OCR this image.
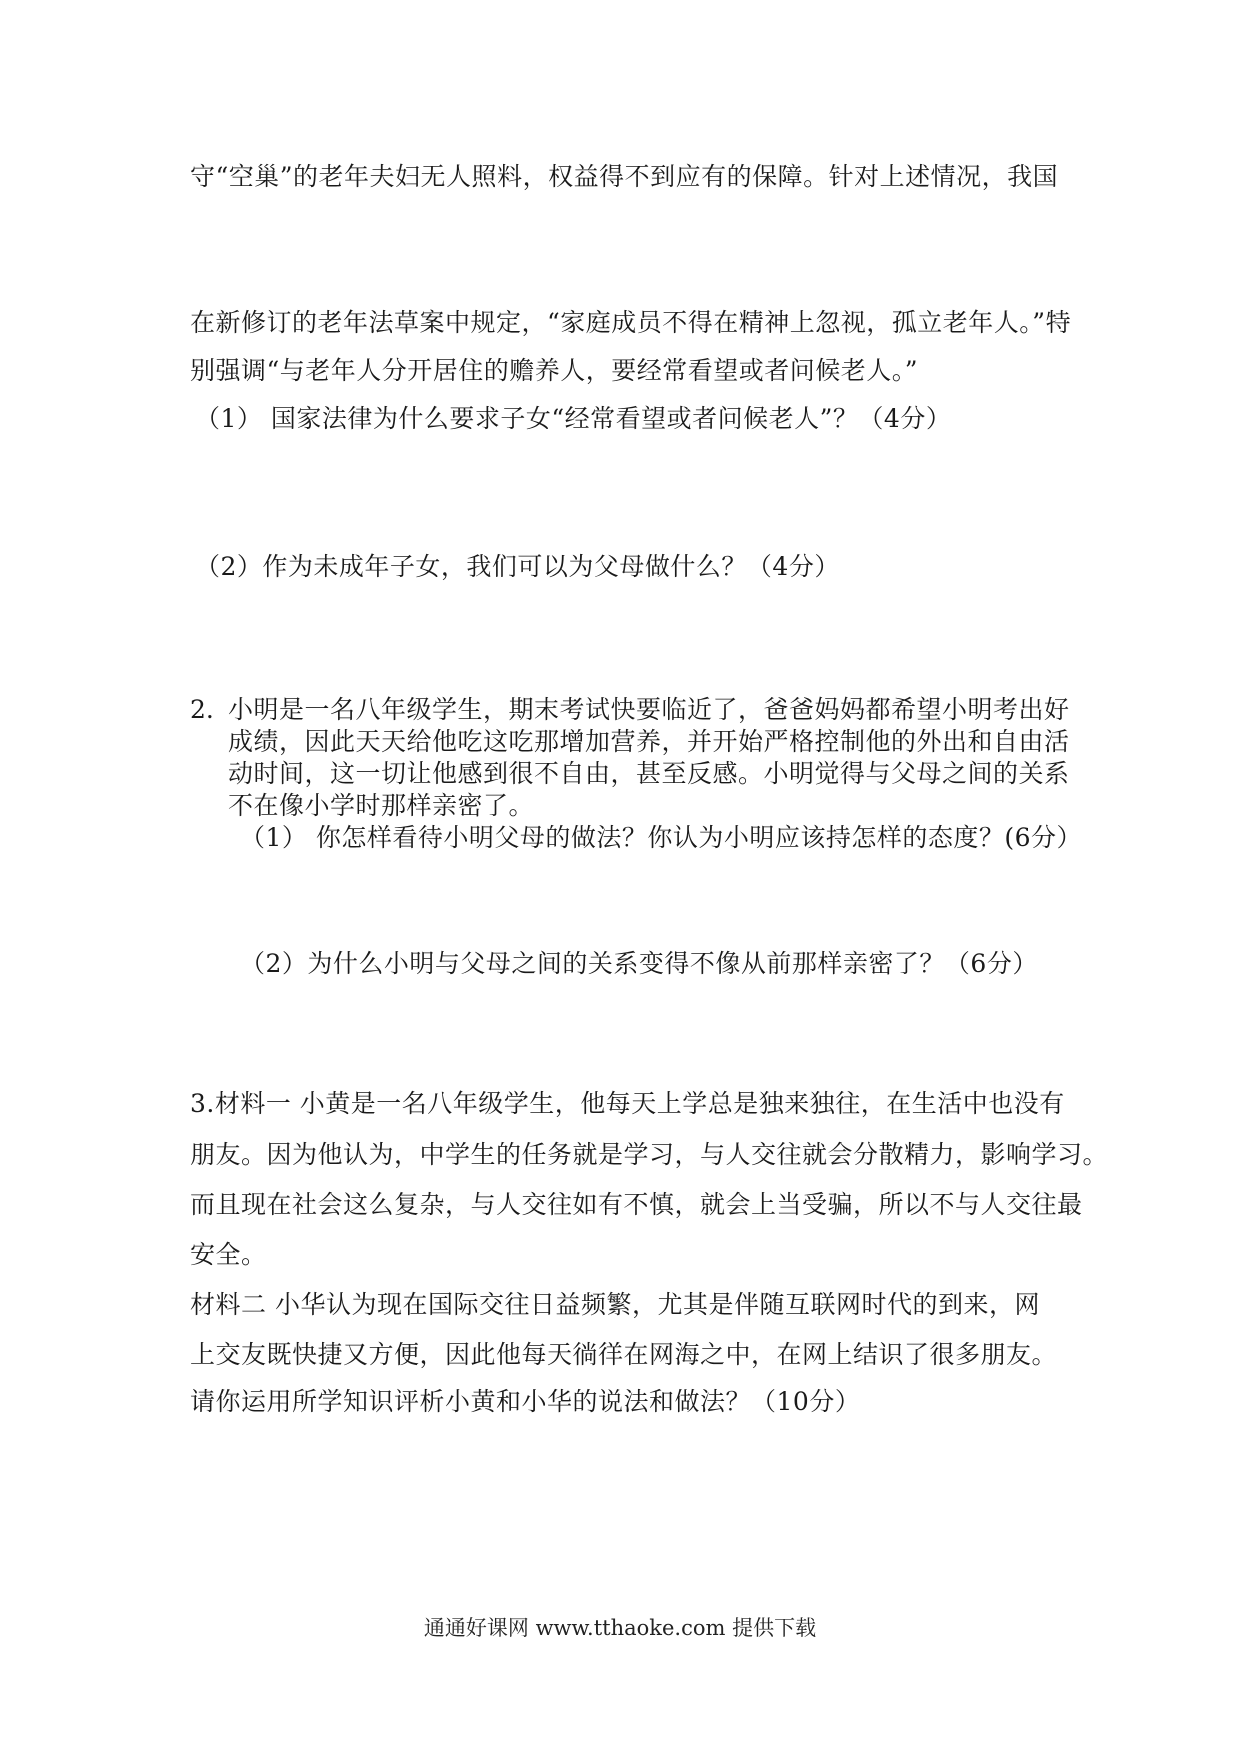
守“空巢”的老年夫妇无人照料，权益得不到应有的保障。针对上述情况，我国
在新修订的老年法草案中规定，“家庭成员不得在精神上忽视，孤立老年人。”特
别强调“与老年人分开居住的赡养人，要经常看望或者问候老人。”
（1） 国家法律为什么要求子女“经常看望或者问候老人”？（4分）
（2）作为未成年子女，我们可以为父母做什么？（4分）
2. 小明是一名八年级学生，期末考试快要临近了，爸爸妈妈都希望小明考出好
成绩，因此天天给他吃这吃那增加营养，并开始严格控制他的外出和自由活
动时间，这一切让他感到很不自由，甚至反感。小明觉得与父母之间的关系
不在像小学时那样亲密了。
（1） 你怎样看待小明父母的做法？你认为小明应该持怎样的态度？(6分）
（2）为什么小明与父母之间的关系变得不像从前那样亲密了？（6分）
3.材料一 小黄是一名八年级学生，他每天上学总是独来独往，在生活中也没有
朋友。因为他认为，中学生的任务就是学习，与人交往就会分散精力，影响学习。
而且现在社会这么复杂，与人交往如有不慎，就会上当受骗，所以不与人交往最
安全。
材料二 小华认为现在国际交往日益频繁，尤其是伴随互联网时代的到来，网
上交友既快捷又方便，因此他每天徜徉在网海之中，在网上结识了很多朋友。
请你运用所学知识评析小黄和小华的说法和做法？（10分）
通通好课网 www.tthaoke.com 提供下载
